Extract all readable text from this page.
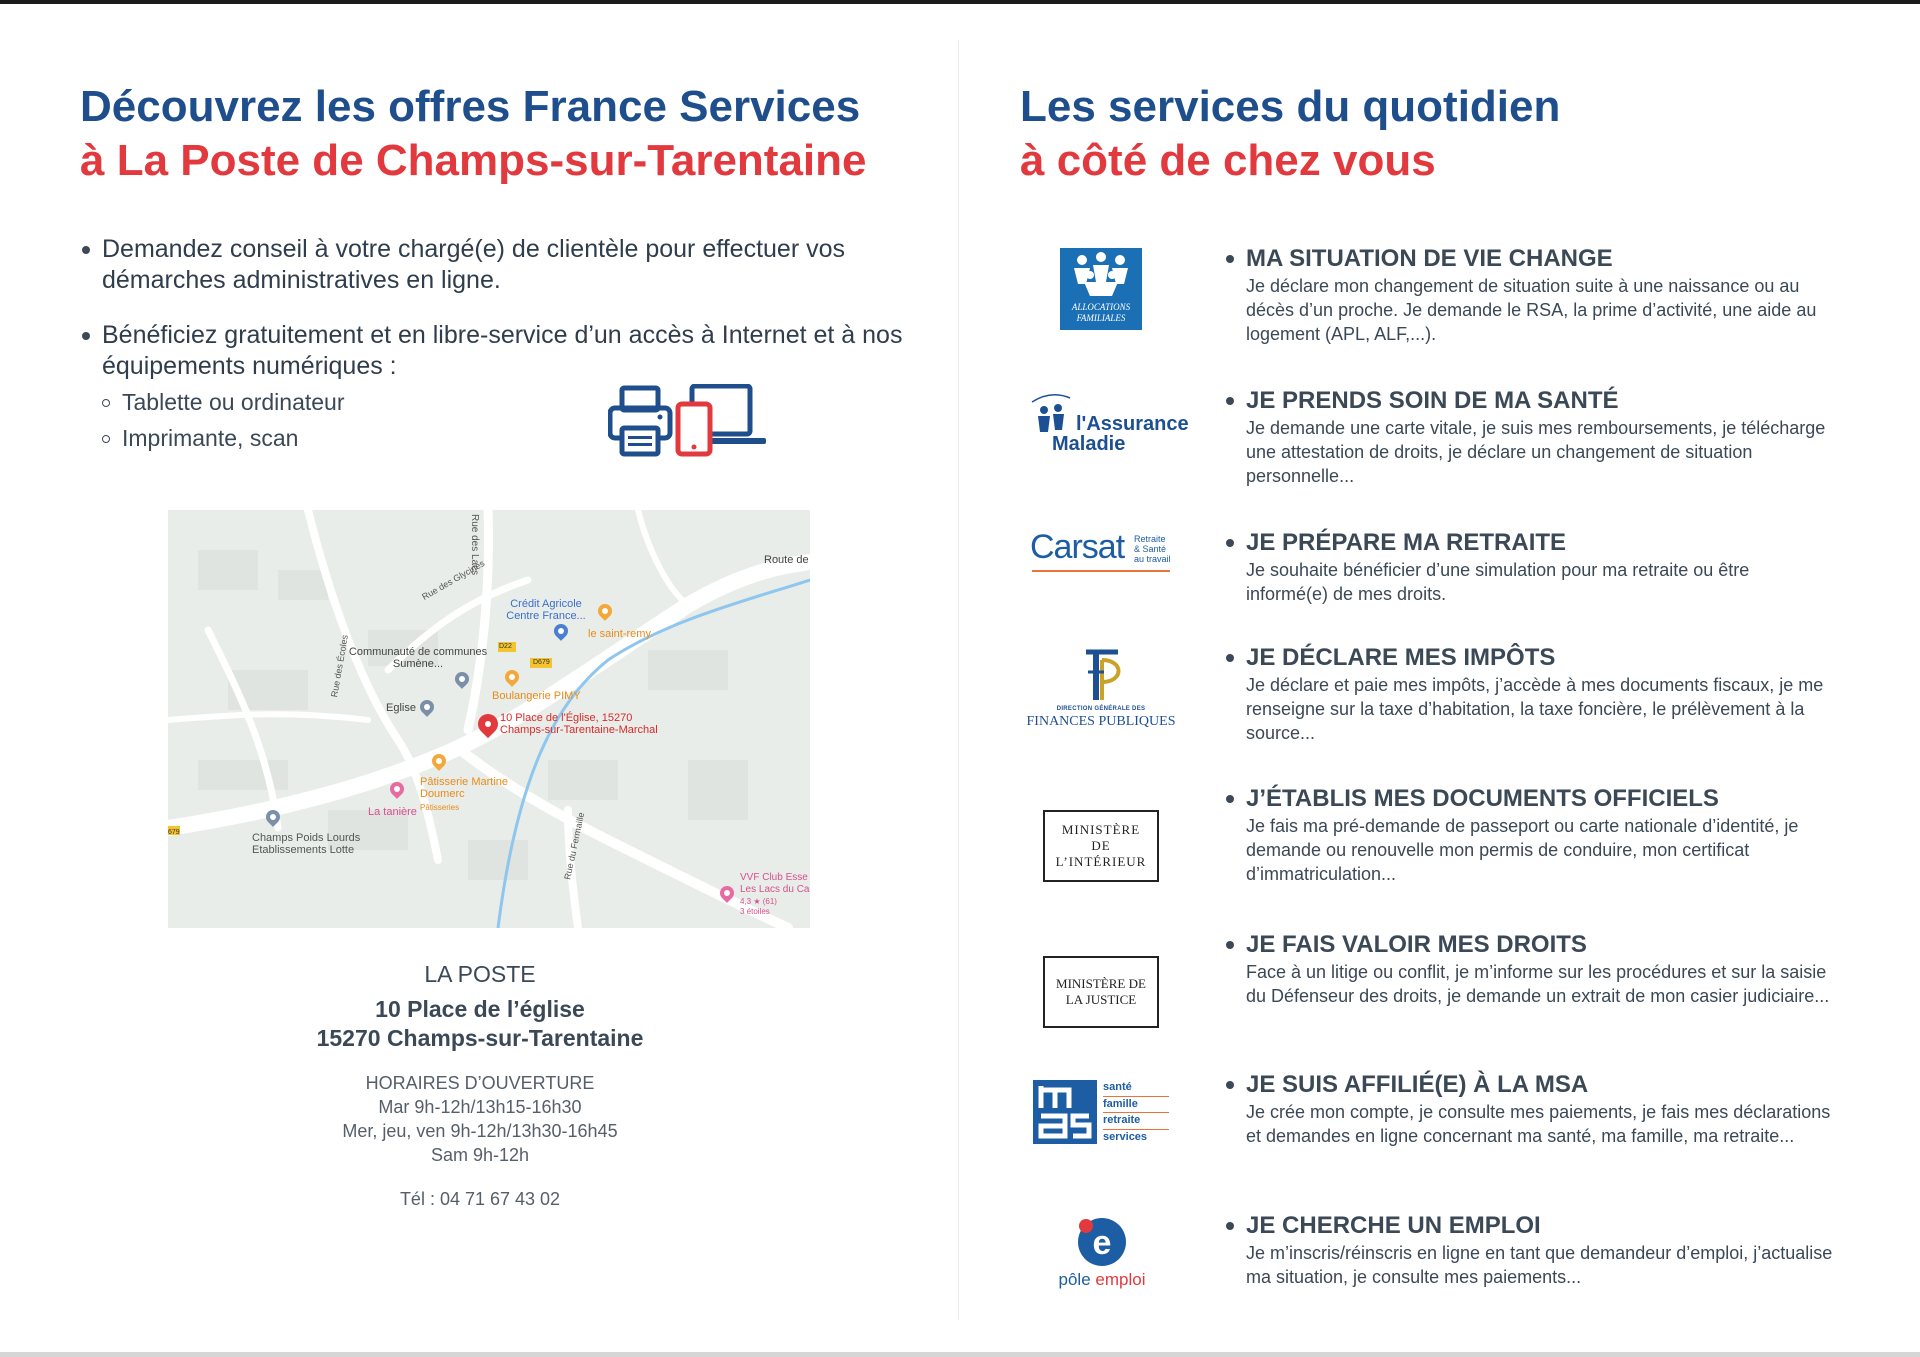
Découvrez les offres France Services
à La Poste de Champs-sur-Tarentaine
Demandez conseil à votre chargé(e) de clientèle pour effectuer vos démarches administratives en ligne.
Bénéficiez gratuitement et en libre-service d’un accès à Internet et à nos équipements numériques :
Tablette ou ordinateur
Imprimante, scan
Rue des Lacs	Route de
Rue des Glycines
Rue des Écoles
Crédit Agricole Centre France...
le saint-remy
Communauté de communes Sumène...
D22
D679
Boulangerie PIMY
Eglise
10 Place de l'Église, 15270 Champs-sur-Tarentaine-Marchal
Pâtisserie Martine Doumerc
Pâtisseries
La tanière	Rue du Fermaille
Champs Poids Lourds Etablissements Lotte
679
VVF Club Esse Les Lacs du Ca
4,3 ★ (61)
3 étoiles
LA POSTE
10 Place de l’église
15270 Champs-sur-Tarentaine
HORAIRES D’OUVERTURE
Mar 9h-12h/13h15-16h30
Mer, jeu, ven 9h-12h/13h30-16h45
Sam 9h-12h
Tél : 04 71 67 43 02
Les services du quotidien
à côté de chez vous
ALLOCATIONS
FAMILIALES
l'Assurance
Maladie
Carsat Retraite
& Santé
au travail
DIRECTION GÉNÉRALE DES
FINANCES PUBLIQUES
MINISTÈRE
DE
L’INTÉRIEUR
MINISTÈRE DE
LA JUSTICE
santé
famille
retraite
services
e
pôle emploi
MA SITUATION DE VIE CHANGE
Je déclare mon changement de situation suite à une naissance ou au décès d’un proche. Je demande le RSA, la prime d’activité, une aide au logement (APL, ALF,...).
JE PRENDS SOIN DE MA SANTÉ
Je demande une carte vitale, je suis mes remboursements, je télécharge une attestation de droits, je déclare un changement de situation personnelle...
JE PRÉPARE MA RETRAITE
Je souhaite bénéficier d’une simulation pour ma retraite ou être informé(e) de mes droits.
JE DÉCLARE MES IMPÔTS
Je déclare et paie mes impôts, j’accède à mes documents fiscaux, je me renseigne sur la taxe d’habitation, la taxe foncière, le prélèvement à la source...
J’ÉTABLIS MES DOCUMENTS OFFICIELS
Je fais ma pré-demande de passeport ou carte nationale d’identité, je demande ou renouvelle mon permis de conduire, mon certificat d’immatriculation...
JE FAIS VALOIR MES DROITS
Face à un litige ou conflit, je m’informe sur les procédures et sur la saisie du Défenseur des droits, je demande un extrait de mon casier judiciaire...
JE SUIS AFFILIÉ(E) À LA MSA
Je crée mon compte, je consulte mes paiements, je fais mes déclarations et demandes en ligne concernant ma santé, ma famille, ma retraite...
JE CHERCHE UN EMPLOI
Je m’inscris/réinscris en ligne en tant que demandeur d’emploi, j’actualise ma situation, je consulte mes paiements...
